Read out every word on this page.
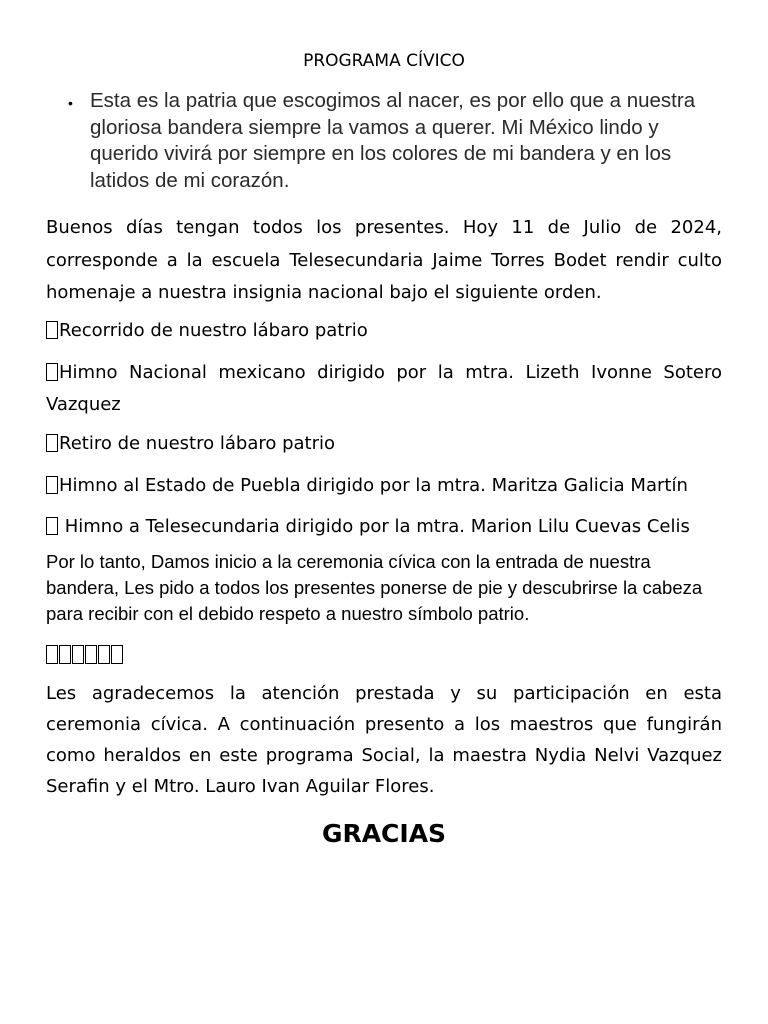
PROGRAMA CÍVICO
• Esta es la patria que escogimos al nacer, es por ello que a nuestra gloriosa bandera siempre la vamos a querer. Mi México lindo y querido vivirá por siempre en los colores de mi bandera y en los latidos de mi corazón.
Buenos días tengan todos los presentes. Hoy 11 de Julio de 2024, corresponde a la escuela Telesecundaria Jaime Torres Bodet rendir culto homenaje a nuestra insignia nacional bajo el siguiente orden.
Recorrido de nuestro lábaro patrio
Himno Nacional mexicano dirigido por la mtra. Lizeth Ivonne Sotero Vazquez
Retiro de nuestro lábaro patrio
Himno al Estado de Puebla dirigido por la mtra. Maritza Galicia Martín
Himno a Telesecundaria dirigido por la mtra. Marion Lilu Cuevas Celis
Por lo tanto, Damos inicio a la ceremonia cívica con la entrada de nuestra bandera, Les pido a todos los presentes ponerse de pie y descubrirse la cabeza para recibir con el debido respeto a nuestro símbolo patrio.
Les agradecemos la atención prestada y su participación en esta ceremonia cívica. A continuación presento a los maestros que fungirán como heraldos en este programa Social, la maestra Nydia Nelvi Vazquez Serafin y el Mtro. Lauro Ivan Aguilar Flores.
GRACIAS
